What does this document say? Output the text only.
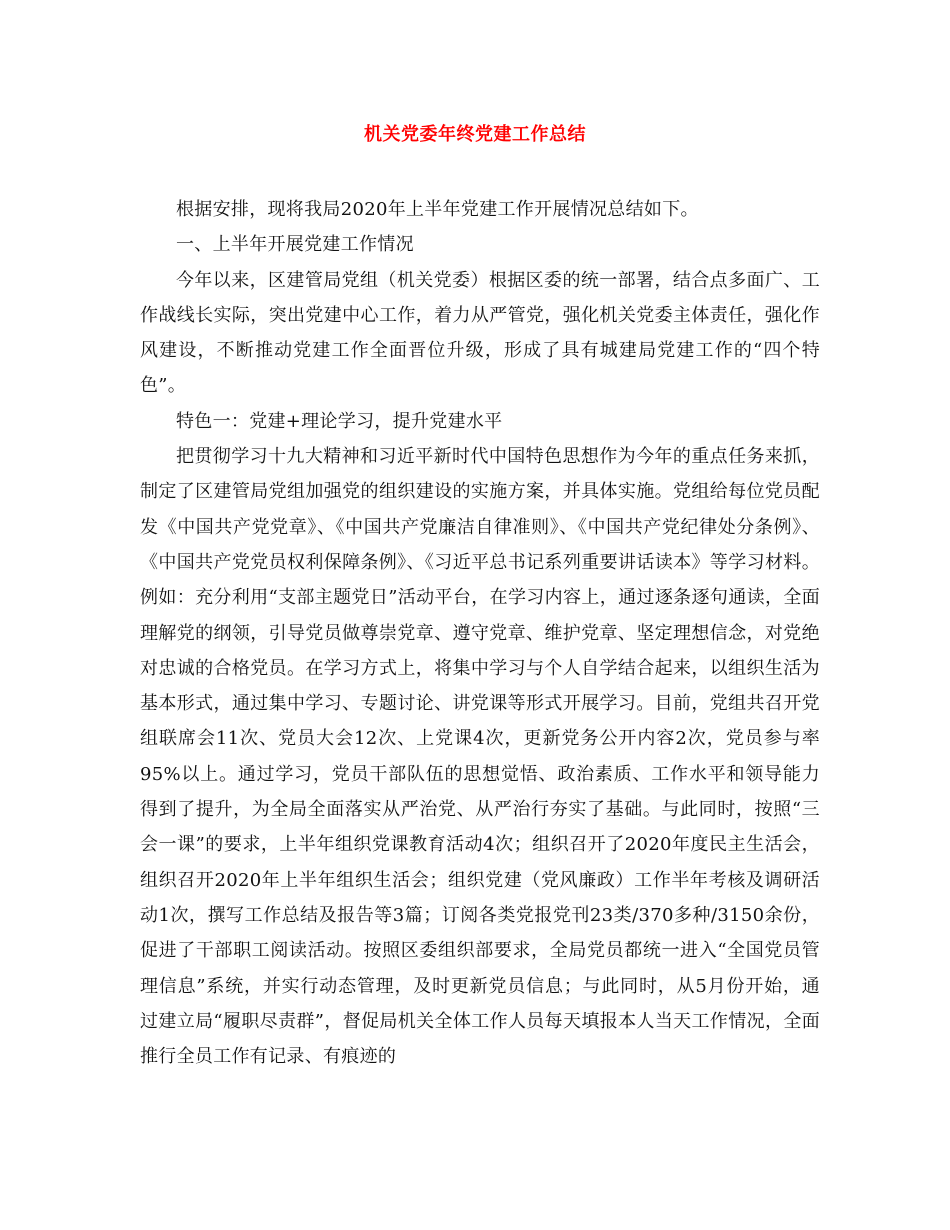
机关党委年终党建工作总结

根据安排，现将我局2020年上半年党建工作开展情况总结如下。

一、上半年开展党建工作情况

今年以来，区建管局党组（机关党委）根据区委的统一部署，结合点多面广、工作战线长实际，突出党建中心工作，着力从严管党，强化机关党委主体责任，强化作风建设，不断推动党建工作全面晋位升级，形成了具有城建局党建工作的“四个特色”。

特色一：党建+理论学习，提升党建水平

把贯彻学习十九大精神和习近平新时代中国特色思想作为今年的重点任务来抓，制定了区建管局党组加强党的组织建设的实施方案，并具体实施。党组给每位党员配发《中国共产党党章》、《中国共产党廉洁自律准则》、《中国共产党纪律处分条例》、《中国共产党党员权利保障条例》、《习近平总书记系列重要讲话读本》等学习材料。例如：充分利用“支部主题党日”活动平台，在学习内容上，通过逐条逐句通读，全面理解党的纲领，引导党员做尊崇党章、遵守党章、维护党章、坚定理想信念，对党绝对忠诚的合格党员。在学习方式上，将集中学习与个人自学结合起来，以组织生活为基本形式，通过集中学习、专题讨论、讲党课等形式开展学习。目前，党组共召开党组联席会11次、党员大会12次、上党课4次，更新党务公开内容2次，党员参与率95%以上。通过学习，党员干部队伍的思想觉悟、政治素质、工作水平和领导能力得到了提升，为全局全面落实从严治党、从严治行夯实了基础。与此同时，按照“三会一课”的要求，上半年组织党课教育活动4次；组织召开了2020年度民主生活会，组织召开2020年上半年组织生活会；组织党建（党风廉政）工作半年考核及调研活动1次，撰写工作总结及报告等3篇；订阅各类党报党刊23类/370多种/3150余份，促进了干部职工阅读活动。按照区委组织部要求，全局党员都统一进入“全国党员管理信息”系统，并实行动态管理，及时更新党员信息；与此同时，从5月份开始，通过建立局“履职尽责群”，督促局机关全体工作人员每天填报本人当天工作情况，全面推行全员工作有记录、有痕迹的
